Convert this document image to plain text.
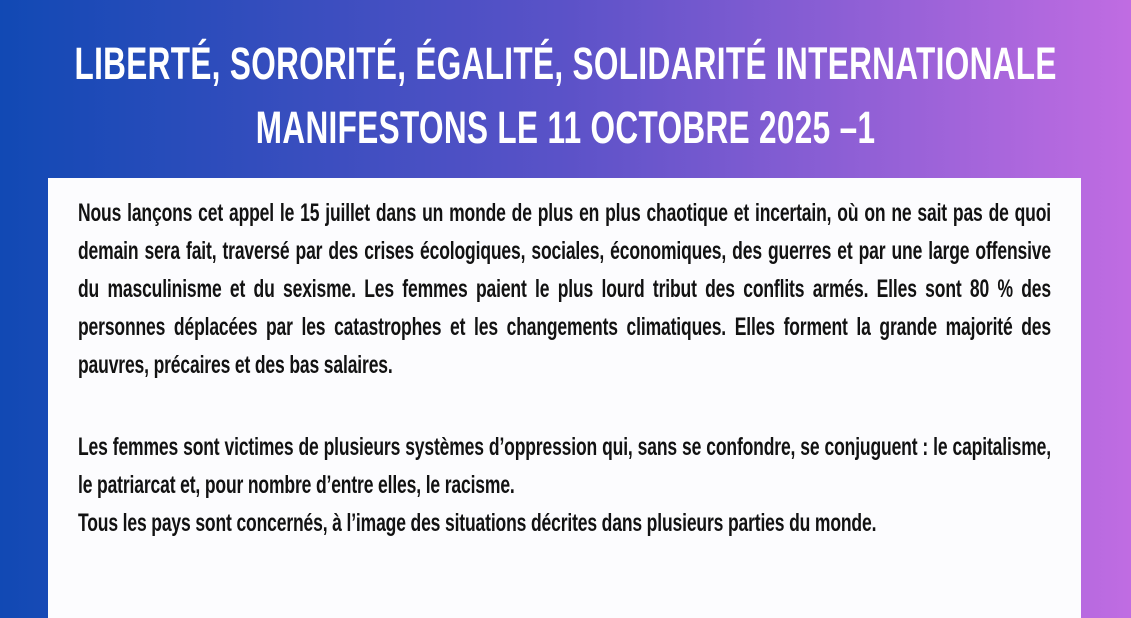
LIBERTÉ, SORORITÉ, ÉGALITÉ, SOLIDARITÉ INTERNATIONALE
MANIFESTONS LE 11 OCTOBRE 2025 –1

Nous lançons cet appel le 15 juillet dans un monde de plus en plus chaotique et incertain, où on ne sait pas de quoi demain sera fait, traversé par des crises écologiques, sociales, économiques, des guerres et par une large offensive du masculinisme et du sexisme. Les femmes paient le plus lourd tribut des conflits armés. Elles sont 80 % des personnes déplacées par les catastrophes et les changements climatiques. Elles forment la grande majorité des pauvres, précaires et des bas salaires.

Les femmes sont victimes de plusieurs systèmes d’oppression qui, sans se confondre, se conjuguent : le capitalisme, le patriarcat et, pour nombre d’entre elles, le racisme.

Tous les pays sont concernés, à l’image des situations décrites dans plusieurs parties du monde.
